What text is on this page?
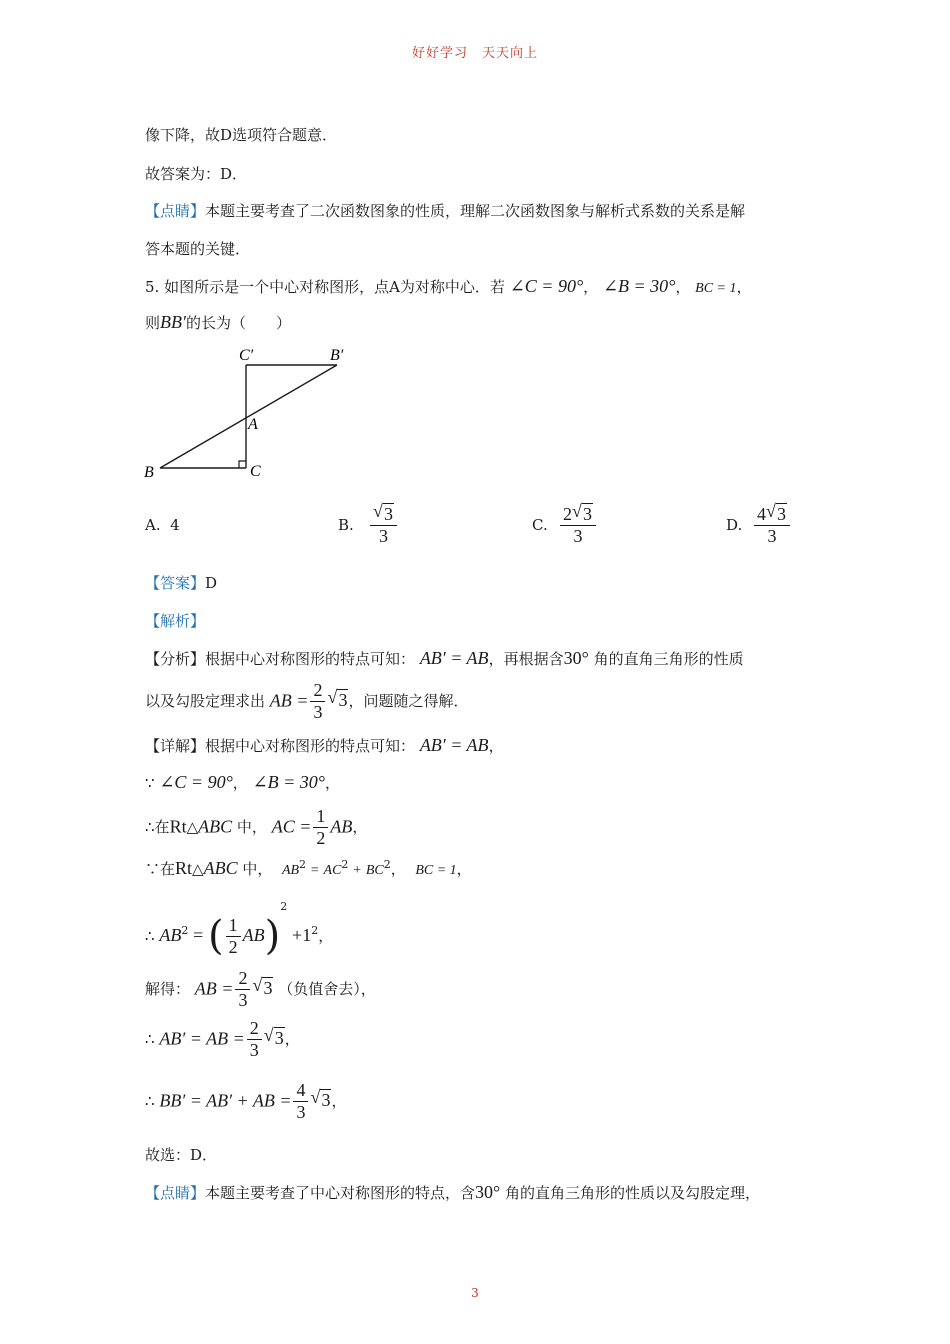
好好学习　天天向上
像下降，故D选项符合题意．
故答案为：D．
【点睛】本题主要考查了二次函数图象的性质，理解二次函数图象与解析式系数的关系是解
答本题的关键．
5. 如图所示是一个中心对称图形，点A为对称中心．若 ∠C = 90°， ∠B = 30°， BC = 1，
则BB′的长为（　　）
C′	B′
A
B	C
A. 4	B. $\frac{√ 3}{3}$	C. $\frac{2 √ 3}{3}$	D. $\frac{4 √ 3}{3}$
【答案】D
【解析】
【分析】根据中心对称图形的特点可知： AB′ = AB，再根据含30° 角的直角三角形的性质
以及勾股定理求出 AB = $\frac{2}{3}$ √ 3，问题随之得解．
【详解】根据中心对称图形的特点可知： AB′ = AB，
∵ ∠C = 90°， ∠B = 30°，
∴在Rt△ABC 中， AC = $\frac{1}{2}$ AB，
∵在Rt△ABC 中， $AB^2 = AC^2 + BC^2$， BC = 1，
∴ $AB^2$ = ( $\frac{1}{2} AB)^2 +1^2$，
解得： AB = $\frac{2}{3}$ √ 3 （负值舍去），
∴ AB′ = AB = $\frac{2}{3}$ √ 3，
∴ BB′ = AB′ + AB = $\frac{4}{3}$ √ 3，
故选：D．
【点睛】本题主要考查了中心对称图形的特点，含30° 角的直角三角形的性质以及勾股定理，
3
